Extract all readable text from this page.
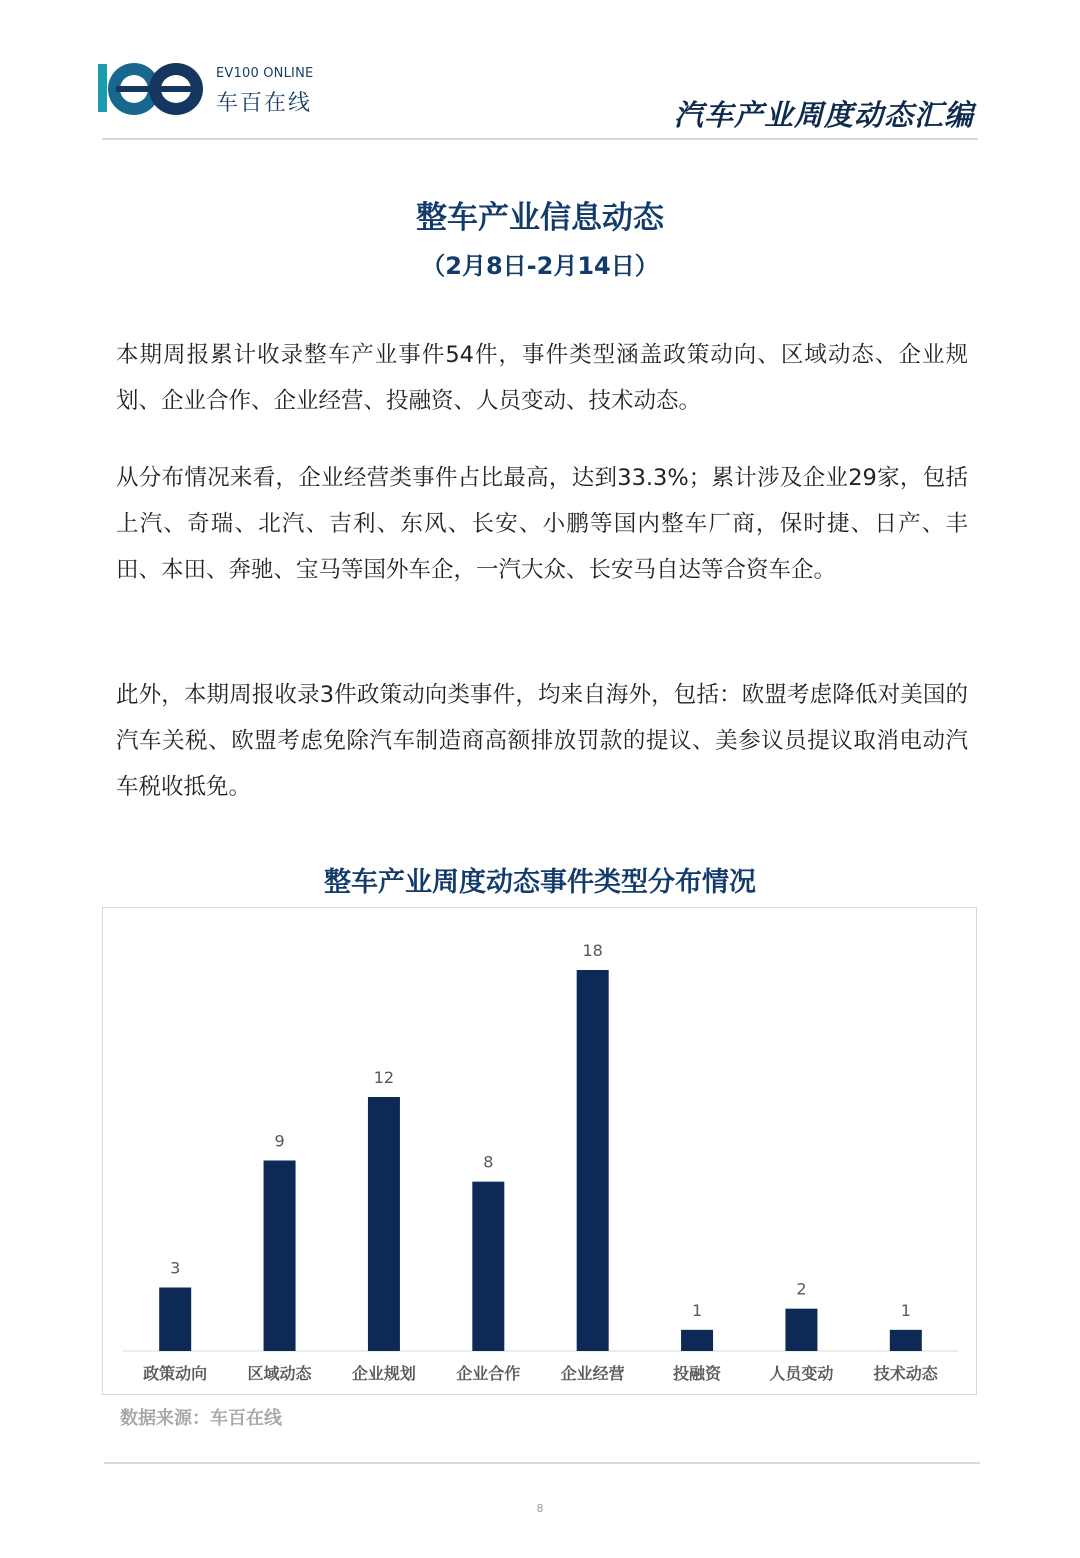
EV100 ONLINE
车百在线	汽车产业周度动态汇编
整车产业信息动态
（2月8日-2月14日）

本期周报累计收录整车产业事件54件，事件类型涵盖政策动向、区域动态、企业规划、企业合作、企业经营、投融资、人员变动、技术动态。

从分布情况来看，企业经营类事件占比最高，达到33.3%；累计涉及企业29家，包括上汽、奇瑞、北汽、吉利、东风、长安、小鹏等国内整车厂商，保时捷、日产、丰田、本田、奔驰、宝马等国外车企，一汽大众、长安马自达等合资车企。

此外，本期周报收录3件政策动向类事件，均来自海外，包括：欧盟考虑降低对美国的汽车关税、欧盟考虑免除汽车制造商高额排放罚款的提议、美参议员提议取消电动汽车税收抵免。

整车产业周度动态事件类型分布情况
3
政策动向
9
区域动态
12
企业规划
8
企业合作
18
企业经营
1
投融资
2
人员变动
1
技术动态
数据来源：车百在线
8
